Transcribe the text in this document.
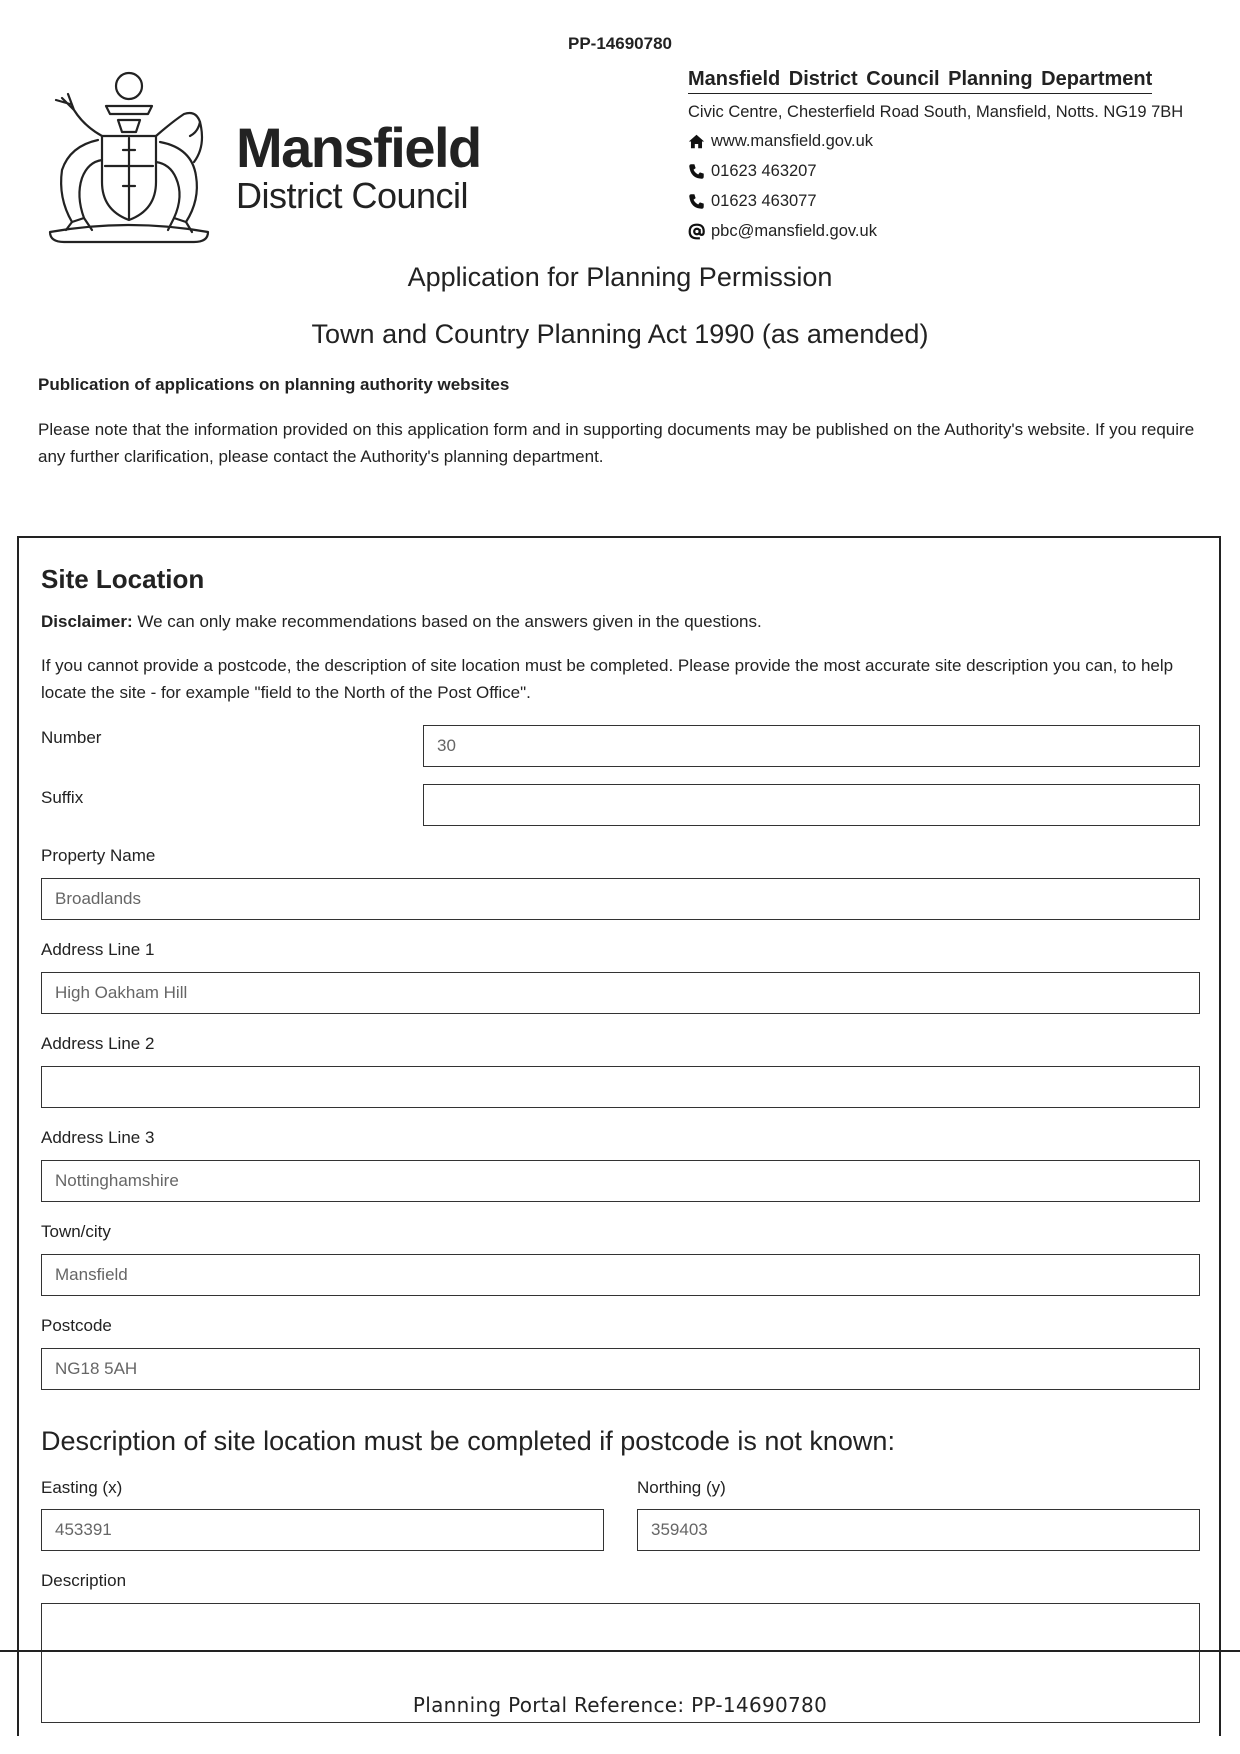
PP-14690780
Mansfield
District Council
Mansfield District Council Planning Department
Civic Centre, Chesterfield Road South, Mansfield, Notts. NG19 7BH
www.mansfield.gov.uk
01623 463207
01623 463077
pbc@mansfield.gov.uk
Application for Planning Permission
Town and Country Planning Act 1990 (as amended)
Publication of applications on planning authority websites
Please note that the information provided on this application form and in supporting documents may be published on the Authority's website. If you require any further clarification, please contact the Authority's planning department.
Site Location
Disclaimer: We can only make recommendations based on the answers given in the questions.
If you cannot provide a postcode, the description of site location must be completed. Please provide the most accurate site description you can, to help locate the site - for example "field to the North of the Post Office".
Number	30
Suffix
Property Name
Broadlands
Address Line 1
High Oakham Hill
Address Line 2
Address Line 3
Nottinghamshire
Town/city
Mansfield
Postcode
NG18 5AH
Description of site location must be completed if postcode is not known:
Easting (x)
453391
Northing (y)
359403
Description
Planning Portal Reference: PP-14690780
